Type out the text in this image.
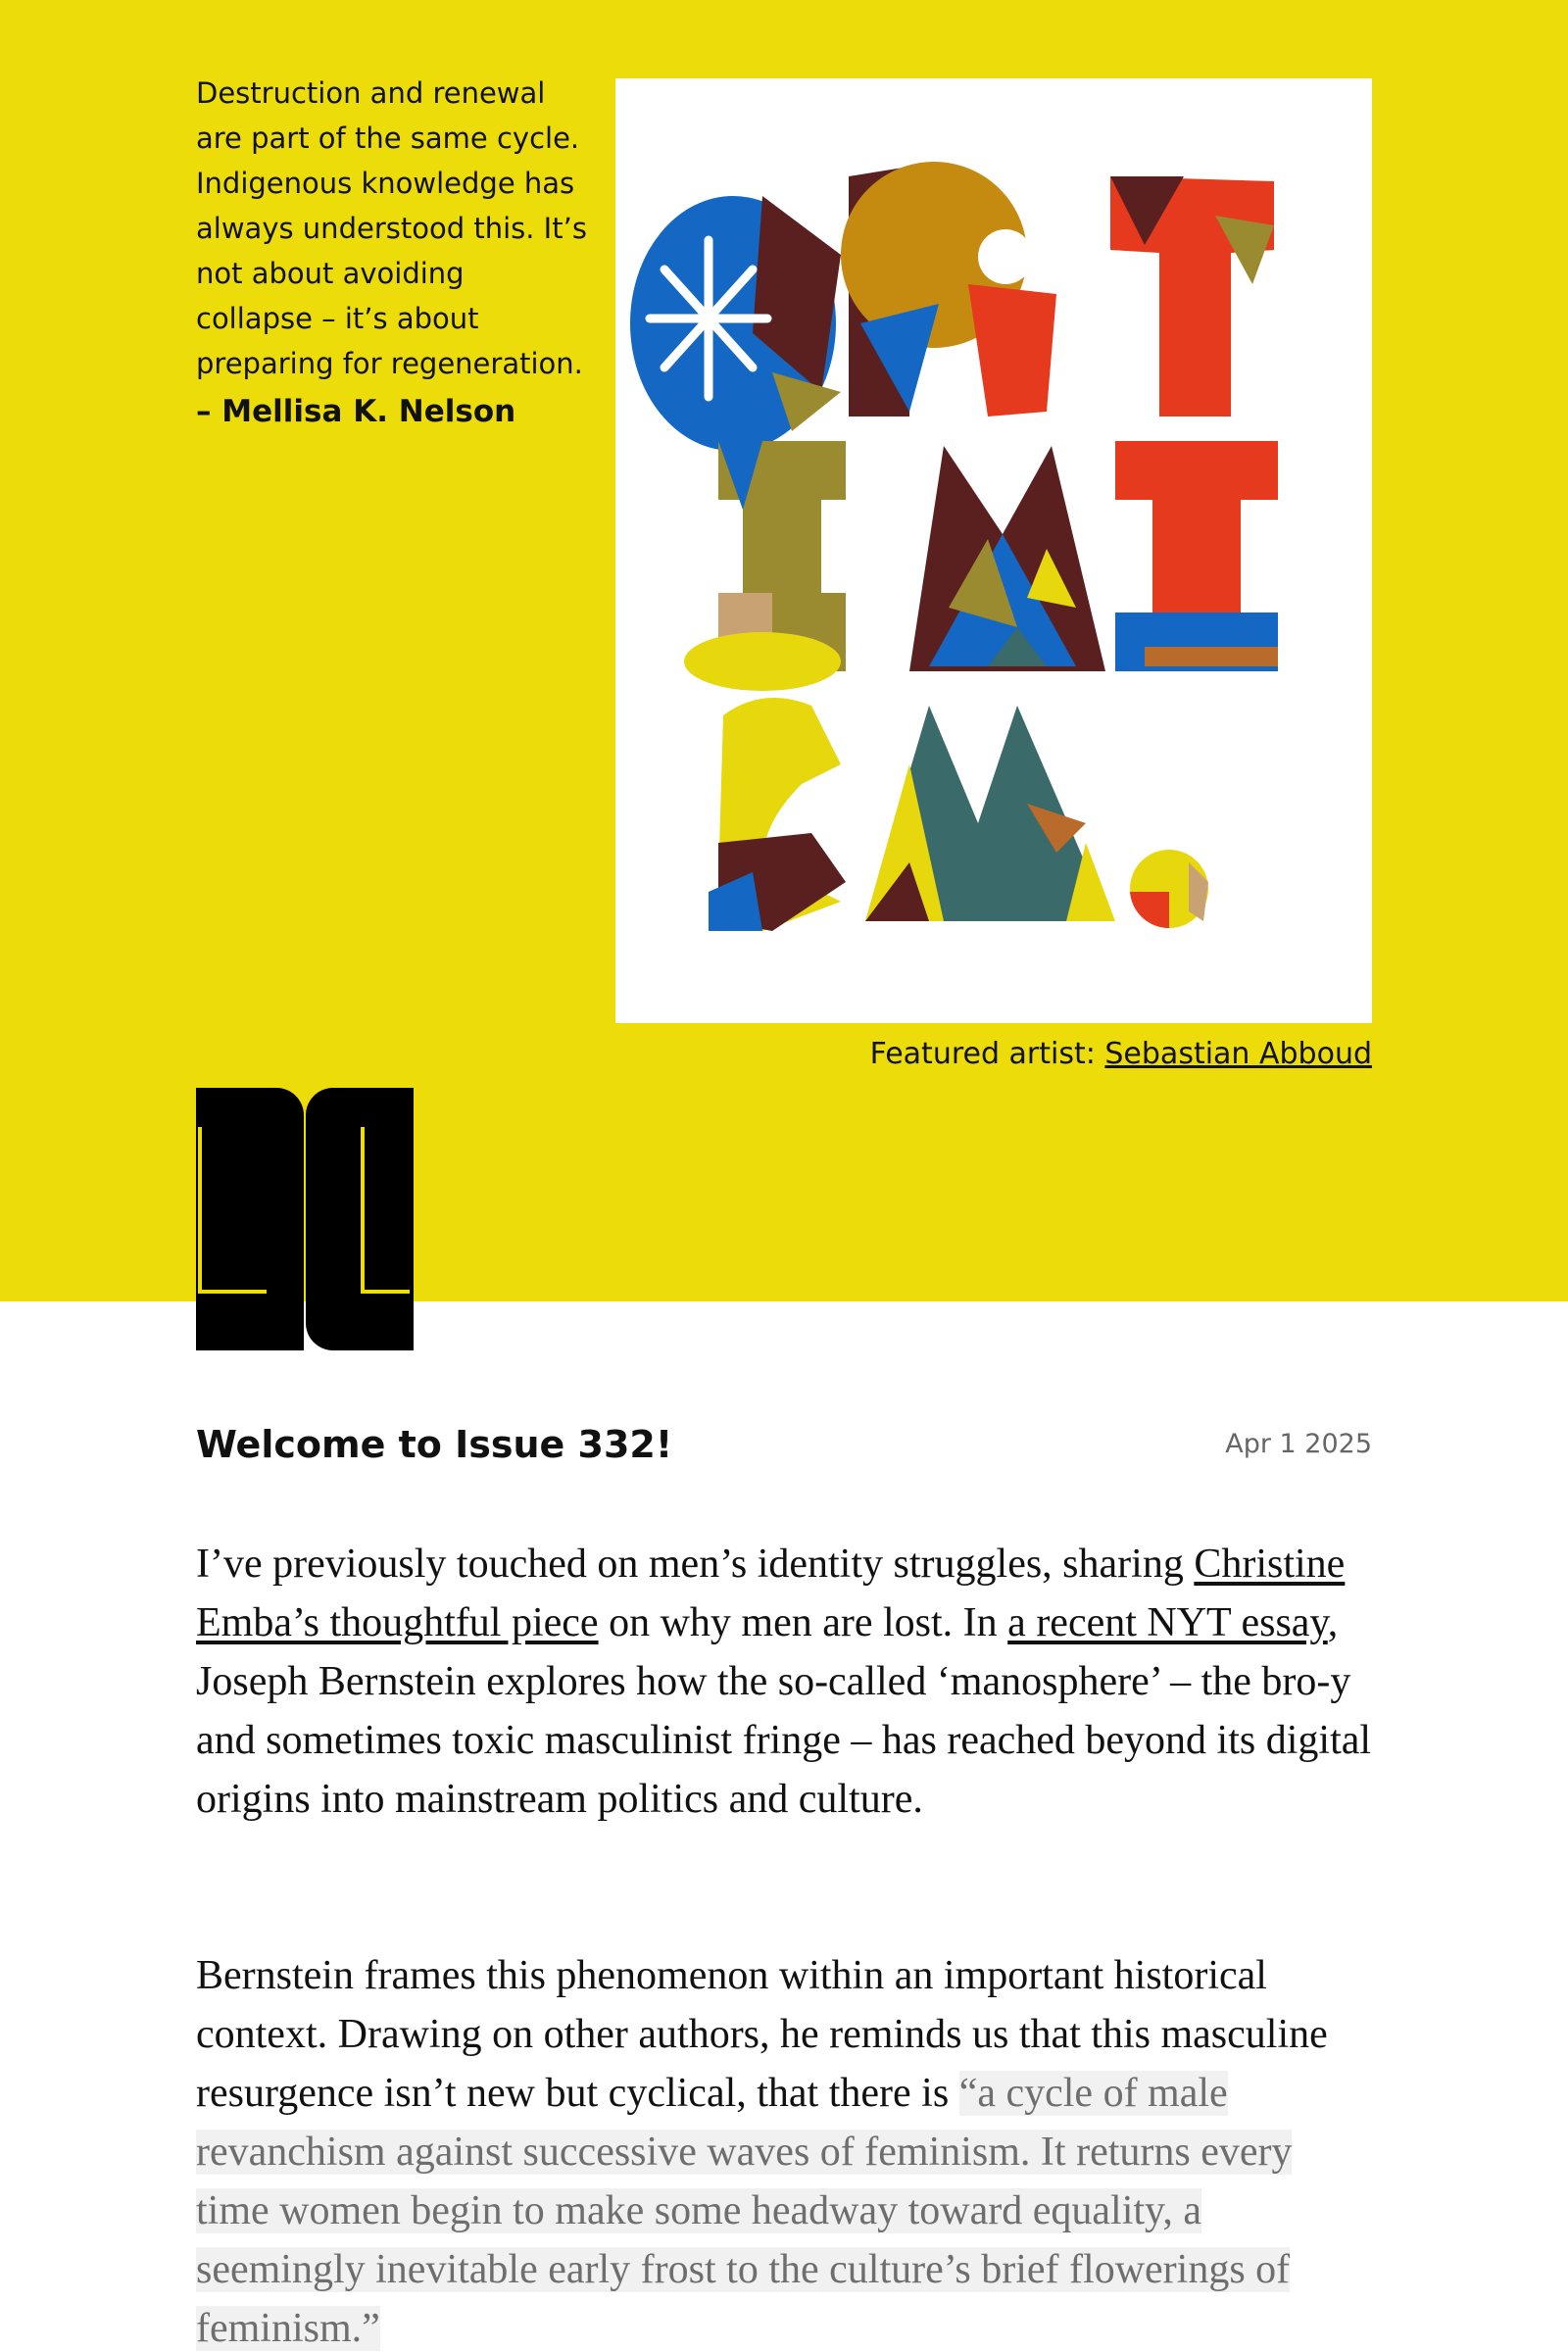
Destruction and renewal are part of the same cycle. Indigenous knowledge has always understood this. It’s not about avoiding collapse – it’s about preparing for regeneration.

– Mellisa K. Nelson

Featured artist: Sebastian Abboud

Welcome to Issue 332!	Apr 1 2025

I’ve previously touched on men’s identity struggles, sharing Christine Emba’s thoughtful piece on why men are lost. In a recent NYT essay, Joseph Bernstein explores how the so-called ‘manosphere’ – the bro-y and sometimes toxic masculinist fringe – has reached beyond its digital origins into mainstream politics and culture.

Bernstein frames this phenomenon within an important historical context. Drawing on other authors, he reminds us that this masculine resurgence isn’t new but cyclical, that there is “a cycle of male revanchism against successive waves of feminism. It returns every time women begin to make some headway toward equality, a seemingly inevitable early frost to the culture’s brief flowerings of feminism.”
